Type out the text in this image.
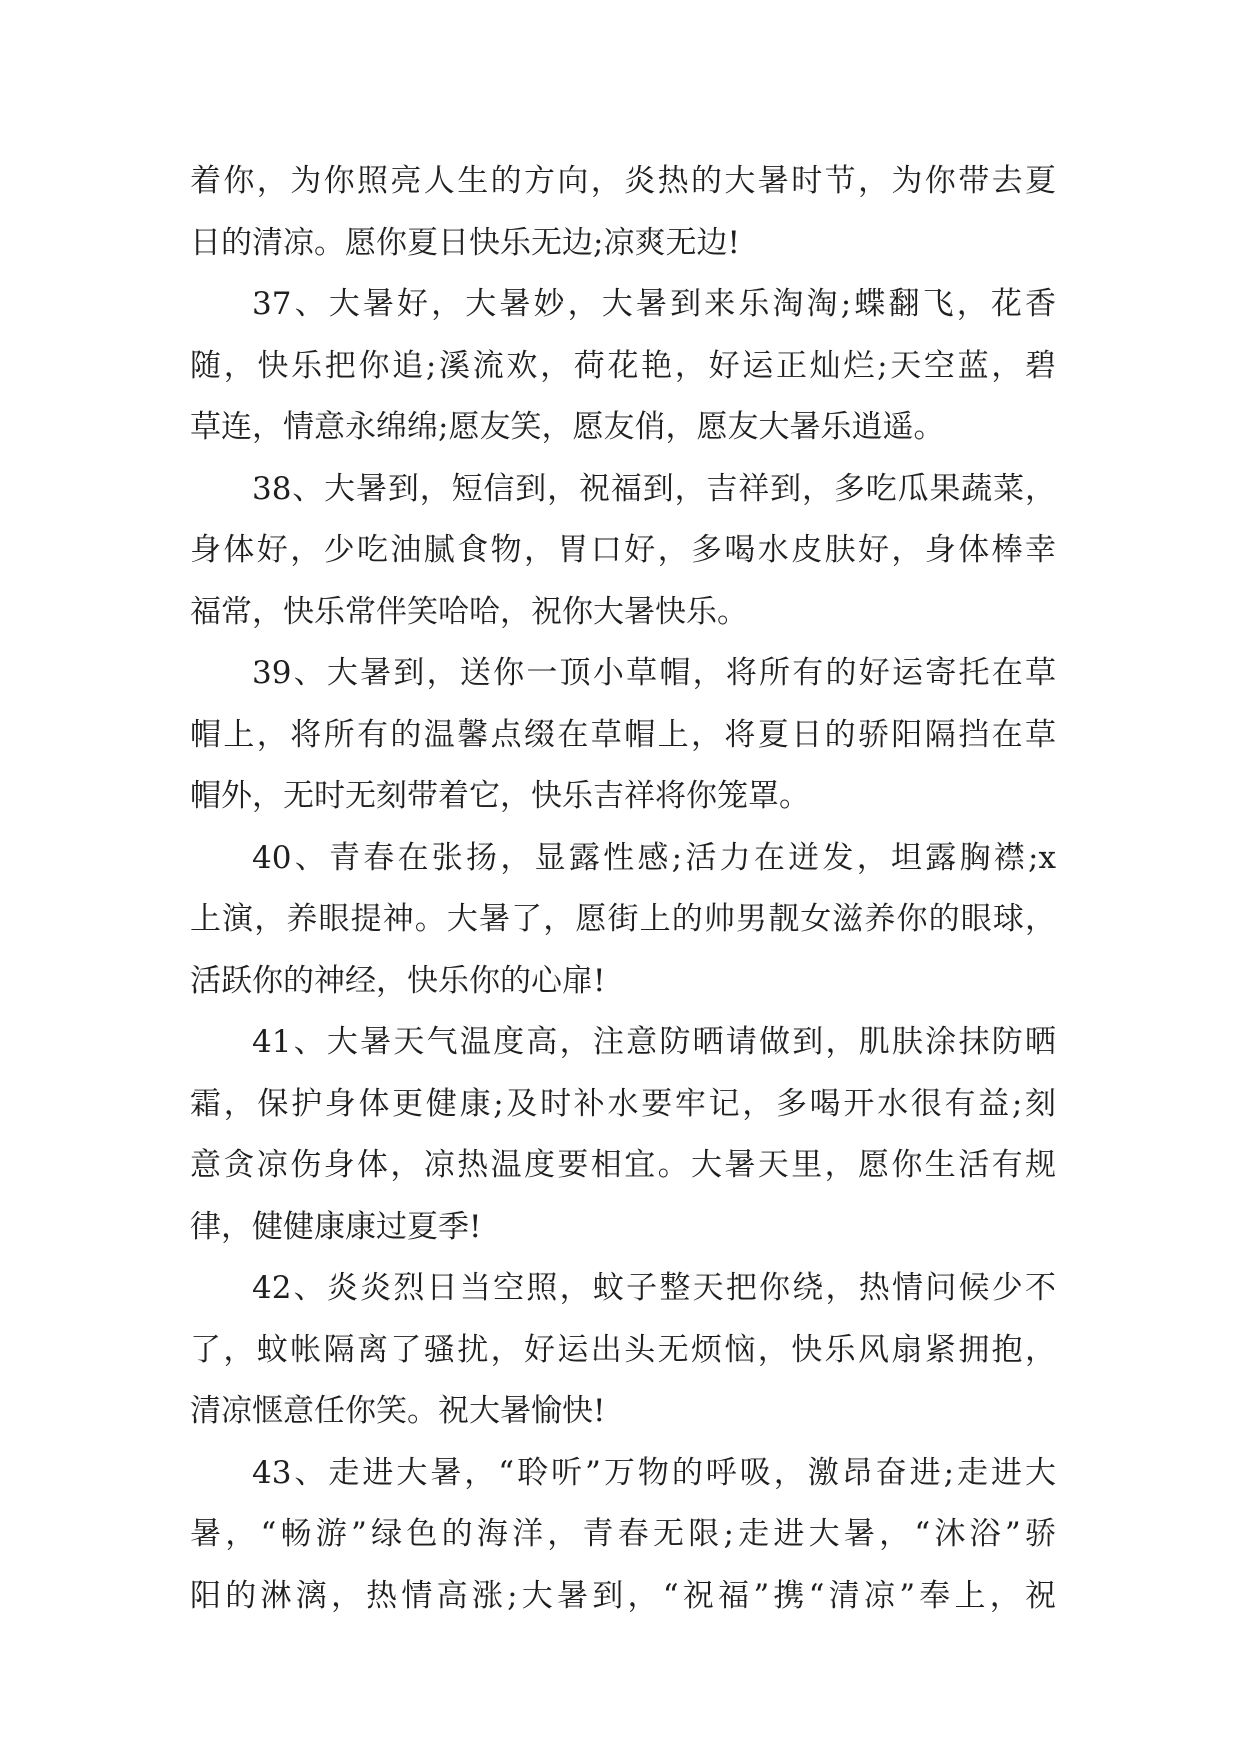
着你，为你照亮人生的方向，炎热的大暑时节，为你带去夏
日的清凉。愿你夏日快乐无边;凉爽无边!
37、大暑好，大暑妙，大暑到来乐淘淘;蝶翻飞，花香
随，快乐把你追;溪流欢，荷花艳，好运正灿烂;天空蓝，碧
草连，情意永绵绵;愿友笑，愿友俏，愿友大暑乐逍遥。
38、大暑到，短信到，祝福到，吉祥到，多吃瓜果蔬菜，
身体好，少吃油腻食物，胃口好，多喝水皮肤好，身体棒幸
福常，快乐常伴笑哈哈，祝你大暑快乐。
39、大暑到，送你一顶小草帽，将所有的好运寄托在草
帽上，将所有的温馨点缀在草帽上，将夏日的骄阳隔挡在草
帽外，无时无刻带着它，快乐吉祥将你笼罩。
40、青春在张扬，显露性感;活力在迸发，坦露胸襟;x
上演，养眼提神。大暑了，愿街上的帅男靓女滋养你的眼球，
活跃你的神经，快乐你的心扉!
41、大暑天气温度高，注意防晒请做到，肌肤涂抹防晒
霜，保护身体更健康;及时补水要牢记，多喝开水很有益;刻
意贪凉伤身体，凉热温度要相宜。大暑天里，愿你生活有规
律，健健康康过夏季!
42、炎炎烈日当空照，蚊子整天把你绕，热情问候少不
了，蚊帐隔离了骚扰，好运出头无烦恼，快乐风扇紧拥抱，
清凉惬意任你笑。祝大暑愉快!
43、走进大暑，“聆听”万物的呼吸，激昂奋进;走进大
暑，“畅游”绿色的海洋，青春无限;走进大暑，“沐浴”骄
阳的淋漓，热情高涨;大暑到，“祝福”携“清凉”奉上，祝
